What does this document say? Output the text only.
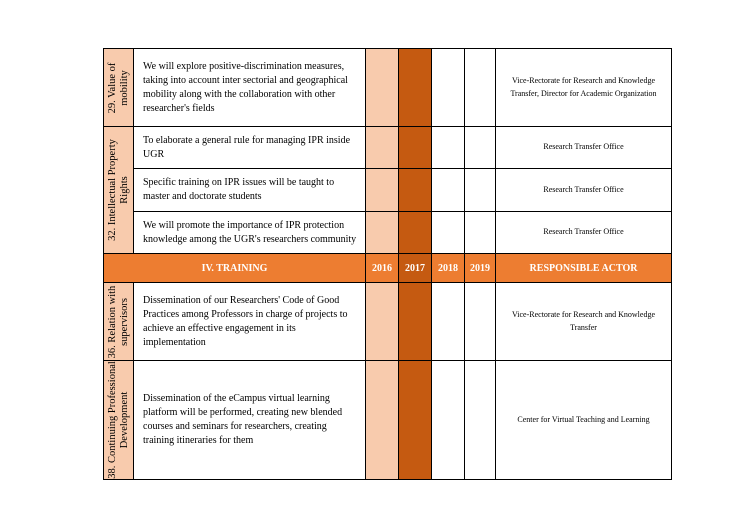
29. Value of mobility	We will explore positive-discrimination measures, taking into account inter sectorial and geographical mobility along with the collaboration with other researcher's fields					Vice-Rectorate for Research and Knowledge Transfer, Director for Academic Organization

32. Intellectual Property Rights	To elaborate a general rule for managing IPR inside UGR					Research Transfer Office
	Specific training on IPR issues will be taught to master and doctorate students					Research Transfer Office
	We will promote the importance of IPR protection knowledge among the UGR's researchers community					Research Transfer Office
IV. TRAINING		2016	2017	2018	2019	RESPONSIBLE ACTOR

36. Relation with supervisors	Dissemination of our Researchers' Code of Good Practices among Professors in charge of projects to achieve an effective engagement in its implementation					Vice-Rectorate for Research and Knowledge Transfer

38. Continuing Professional Development	Dissemination of the eCampus virtual learning platform will be performed, creating new blended courses and seminars for researchers, creating training itineraries for them					Center for Virtual Teaching and Learning
